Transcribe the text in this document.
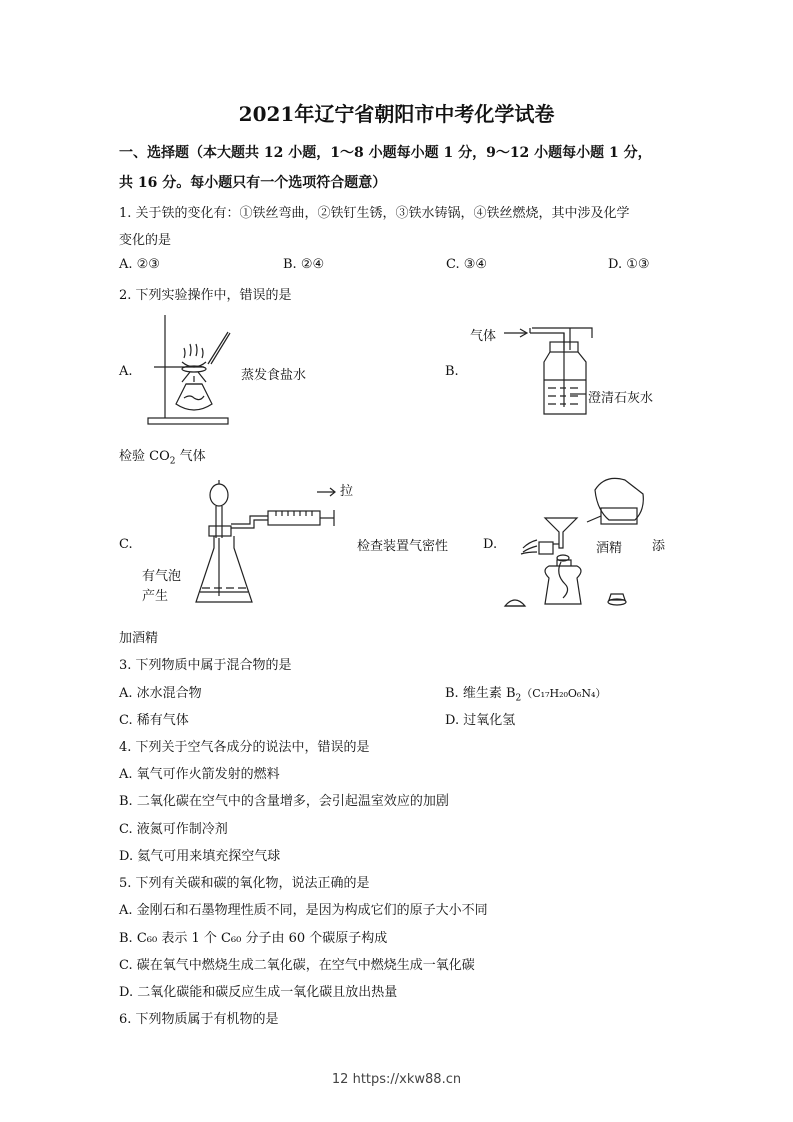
2021年辽宁省朝阳市中考化学试卷
一、选择题（本大题共 12 小题，1～8 小题每小题 1 分，9～12 小题每小题 1 分，
共 16 分。每小题只有一个选项符合题意）
1. 关于铁的变化有：①铁丝弯曲，②铁钉生锈，③铁水铸锅，④铁丝燃烧，其中涉及化学
变化的是
A. ②③	B. ②④	C. ③④	D. ①③
2. 下列实验操作中，错误的是
A.	蒸发食盐水	B.
气体
澄清石灰水
检验 $CO_2$ 气体
C.
拉
有气泡
产生
检查装置气密性	D.	酒精 添
加酒精
3. 下列物质中属于混合物的是
A. 冰水混合物	B. 维生素 $B_2(C_{17}H_{20}O_6N_4)$
C. 稀有气体	D. 过氧化氢
4. 下列关于空气各成分的说法中，错误的是
A. 氧气可作火箭发射的燃料
B. 二氧化碳在空气中的含量增多，会引起温室效应的加剧
C. 液氮可作制冷剂
D. 氦气可用来填充探空气球
5. 下列有关碳和碳的氧化物，说法正确的是
A. 金刚石和石墨物理性质不同，是因为构成它们的原子大小不同
B. C₆₀ 表示 1 个 C₆₀ 分子由 60 个碳原子构成
C. 碳在氧气中燃烧生成二氧化碳，在空气中燃烧生成一氧化碳
D. 二氧化碳能和碳反应生成一氧化碳且放出热量
6. 下列物质属于有机物的是
12 https://xkw88.cn
